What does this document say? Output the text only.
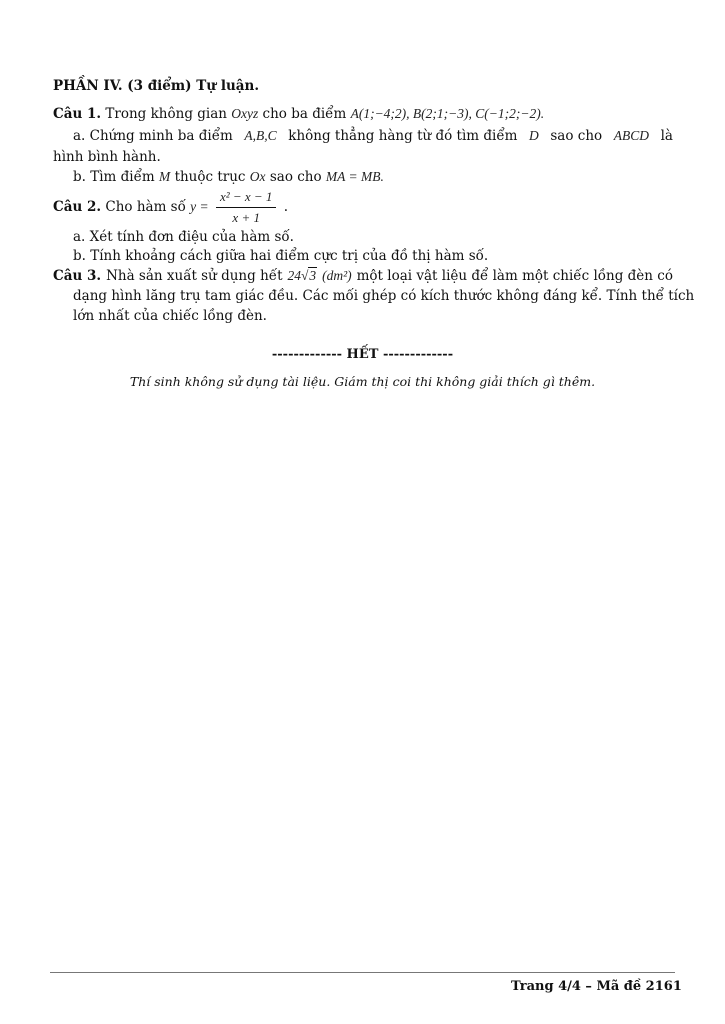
PHẦN IV. (3 điểm) Tự luận.
Câu 1. Trong không gian Oxyz cho ba điểm A(1;−4;2), B(2;1;−3), C(−1;2;−2).
a. Chứng minh ba điểm A,B,C không thẳng hàng từ đó tìm điểm D sao cho ABCD là
hình bình hành.
b. Tìm điểm M thuộc trục Ox sao cho MA = MB.
Câu 2. Cho hàm số $y = \frac{\text{x² − x − 1}}{x + 1}$ .
a. Xét tính đơn điệu của hàm số.
b. Tính khoảng cách giữa hai điểm cực trị của đồ thị hàm số.
Câu 3. Nhà sản xuất sử dụng hết 24√3 (dm²) một loại vật liệu để làm một chiếc lồng đèn có
dạng hình lăng trụ tam giác đều. Các mối ghép có kích thước không đáng kể. Tính thể tích
lớn nhất của chiếc lồng đèn.
------------- HẾT -------------
Thí sinh không sử dụng tài liệu. Giám thị coi thi không giải thích gì thêm.
Trang 4/4 – Mã đề 2161
